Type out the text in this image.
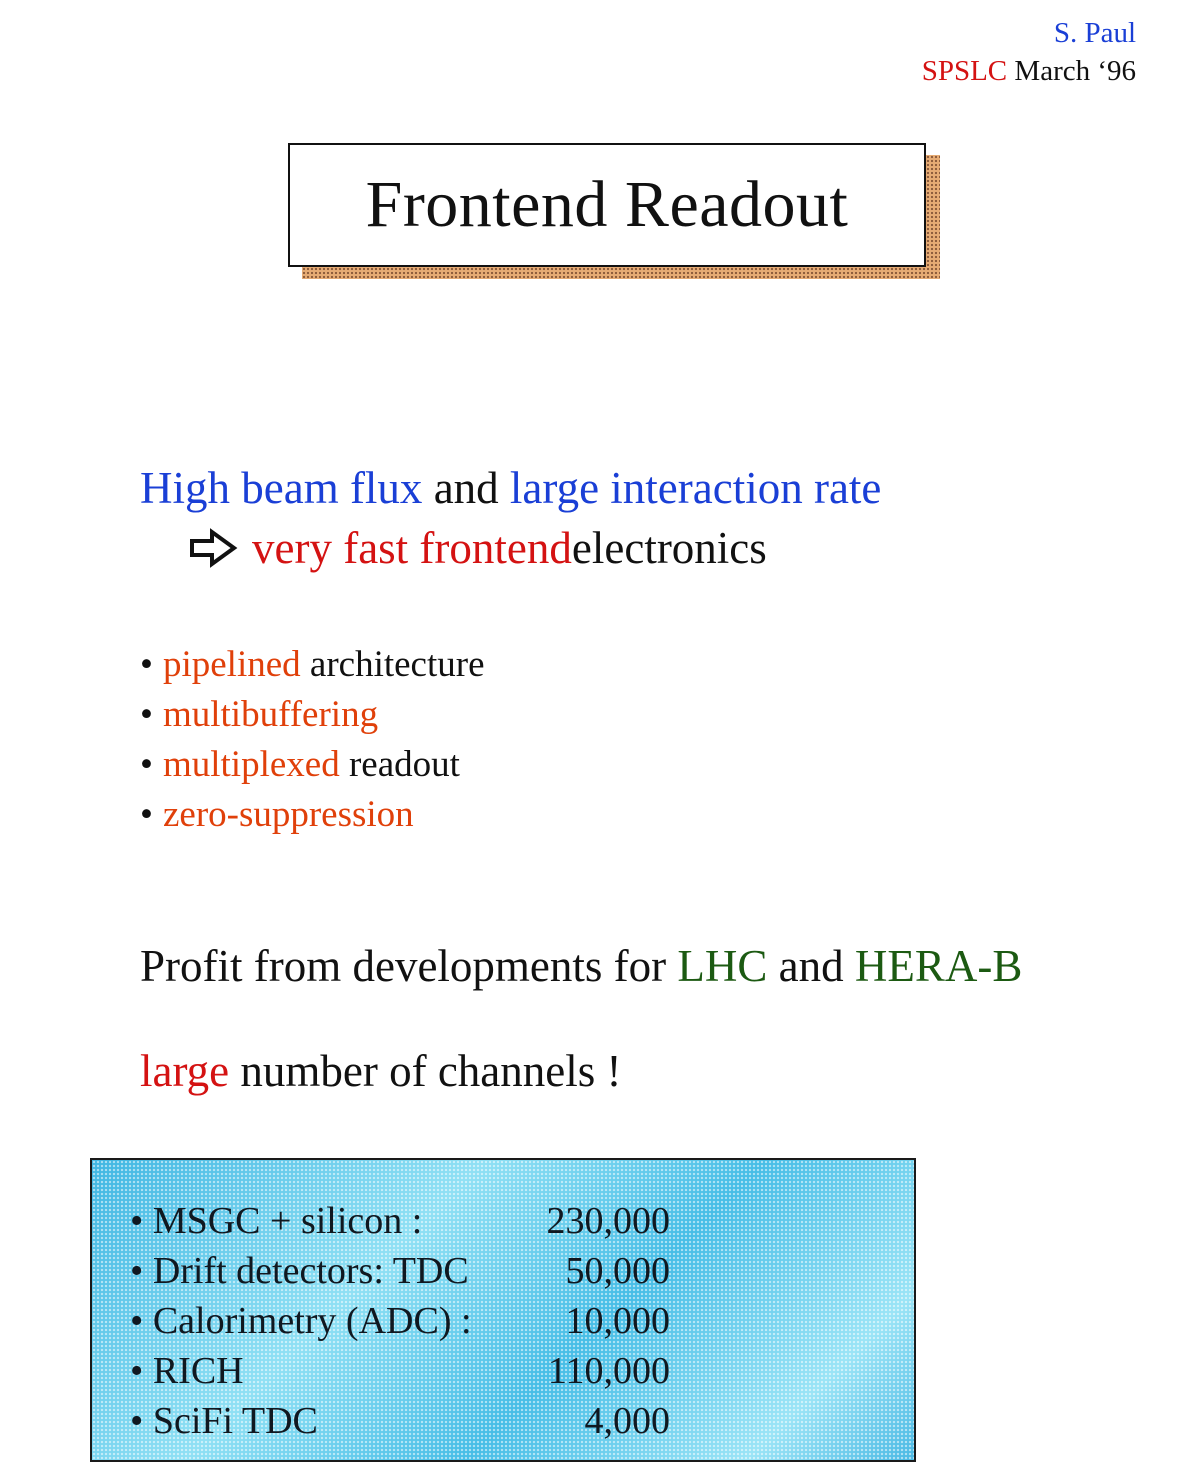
S. Paul
SPSLC March ‘96
Frontend Readout
High beam flux and large interaction rate
very fast frontend electronics
• pipelined architecture
• multibuffering
• multiplexed readout
• zero-suppression
Profit from developments for LHC and HERA-B
large number of channels !
• MSGC + silicon :	230,000
• Drift detectors: TDC	50,000
• Calorimetry (ADC) : 10,000
• RICH	110,000
• SciFi TDC	4,000
